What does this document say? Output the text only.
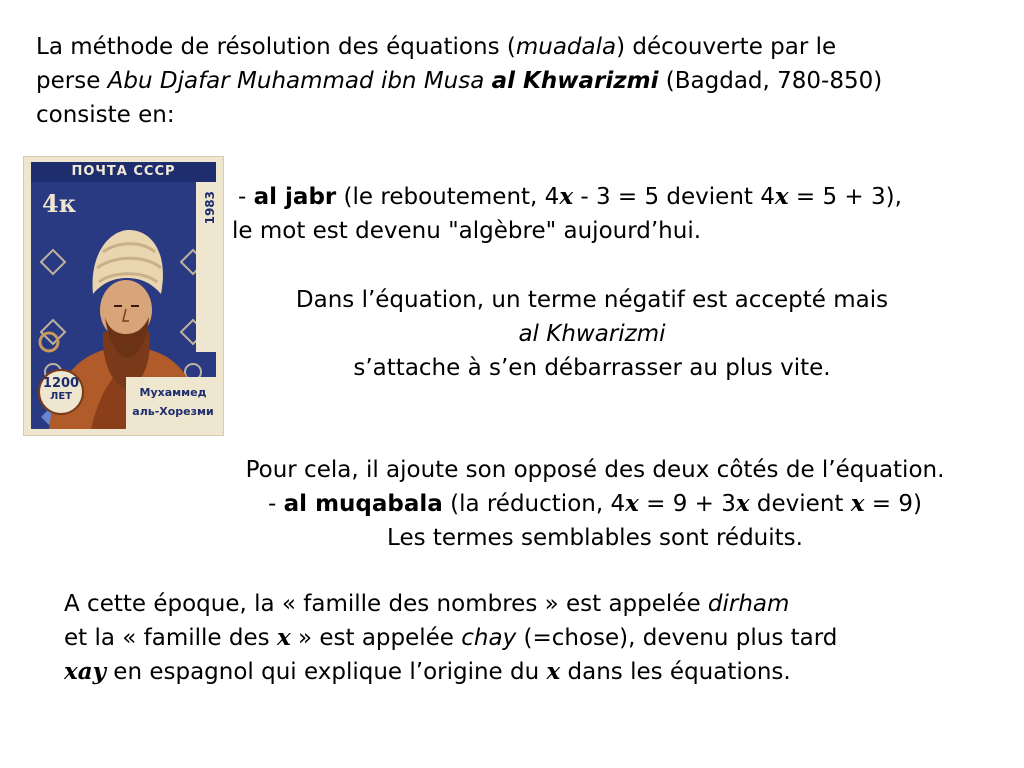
La méthode de résolution des équations (muadala) découverte par le
perse Abu Djafar Muhammad ibn Musa al Khwarizmi (Bagdad, 780-850)
consiste en:
ПОЧТА СССР
4к	1983
1200
ЛЕТ	Мухаммед
аль-Хорезми
- al jabr (le reboutement, 4x - 3 = 5 devient 4x = 5 + 3),
le mot est devenu "algèbre" aujourd’hui.
Dans l’équation, un terme négatif est accepté mais
al Khwarizmi
s’attache à s’en débarrasser au plus vite.
Pour cela, il ajoute son opposé des deux côtés de l’équation.
- al muqabala (la réduction, 4x = 9 + 3x devient x = 9)
Les termes semblables sont réduits.
A cette époque, la « famille des nombres » est appelée dirham
et la « famille des x » est appelée chay (=chose), devenu plus tard
xay en espagnol qui explique l’origine du x dans les équations.
